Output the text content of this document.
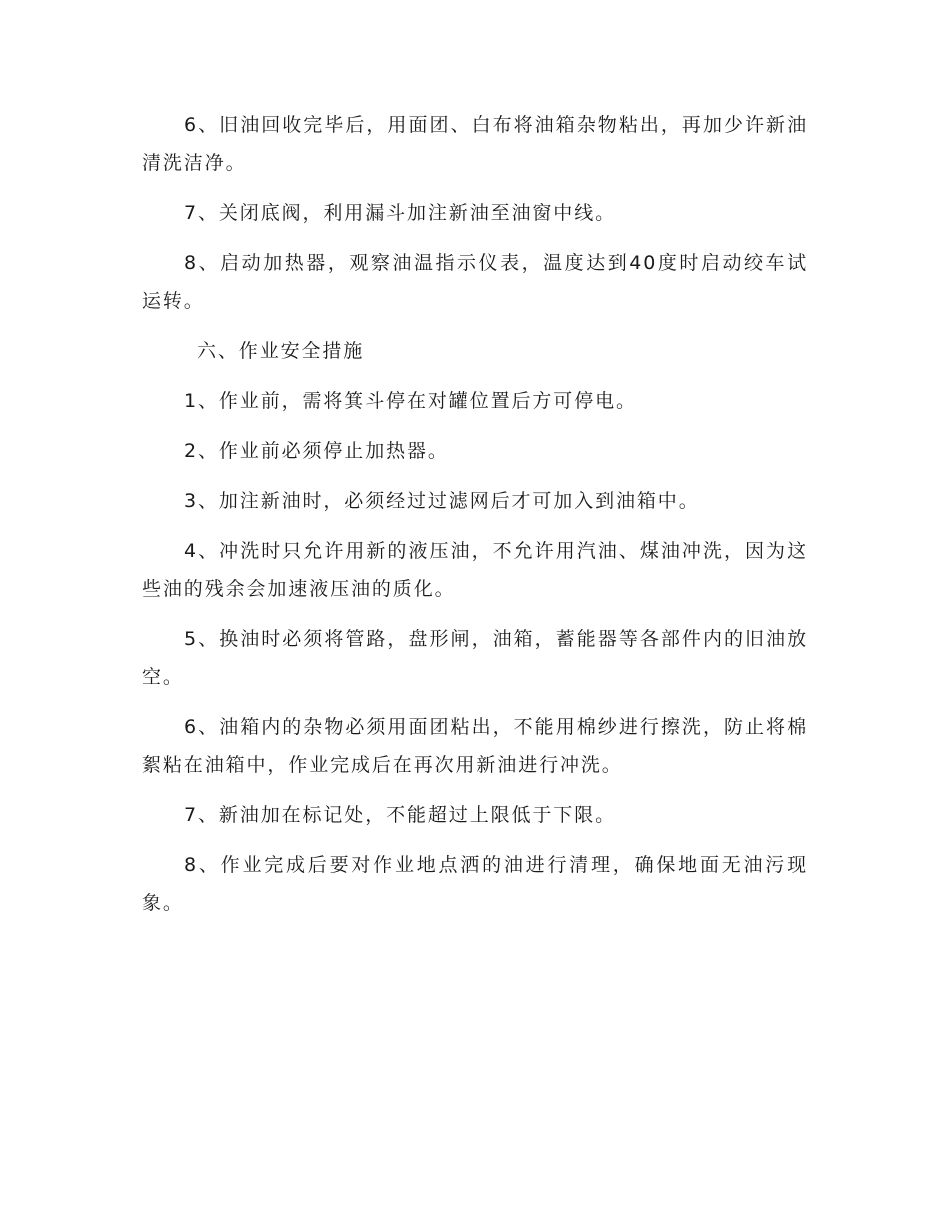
6、旧油回收完毕后，用面团、白布将油箱杂物粘出，再加少许新油清洗洁净。

7、关闭底阀，利用漏斗加注新油至油窗中线。

8、启动加热器，观察油温指示仪表，温度达到40度时启动绞车试运转。

六、作业安全措施

1、作业前，需将箕斗停在对罐位置后方可停电。

2、作业前必须停止加热器。

3、加注新油时，必须经过过滤网后才可加入到油箱中。

4、冲洗时只允许用新的液压油，不允许用汽油、煤油冲洗，因为这些油的残余会加速液压油的质化。

5、换油时必须将管路，盘形闸，油箱，蓄能器等各部件内的旧油放空。

6、油箱内的杂物必须用面团粘出，不能用棉纱进行擦洗，防止将棉絮粘在油箱中，作业完成后在再次用新油进行冲洗。

7、新油加在标记处，不能超过上限低于下限。

8、作业完成后要对作业地点洒的油进行清理，确保地面无油污现象。
